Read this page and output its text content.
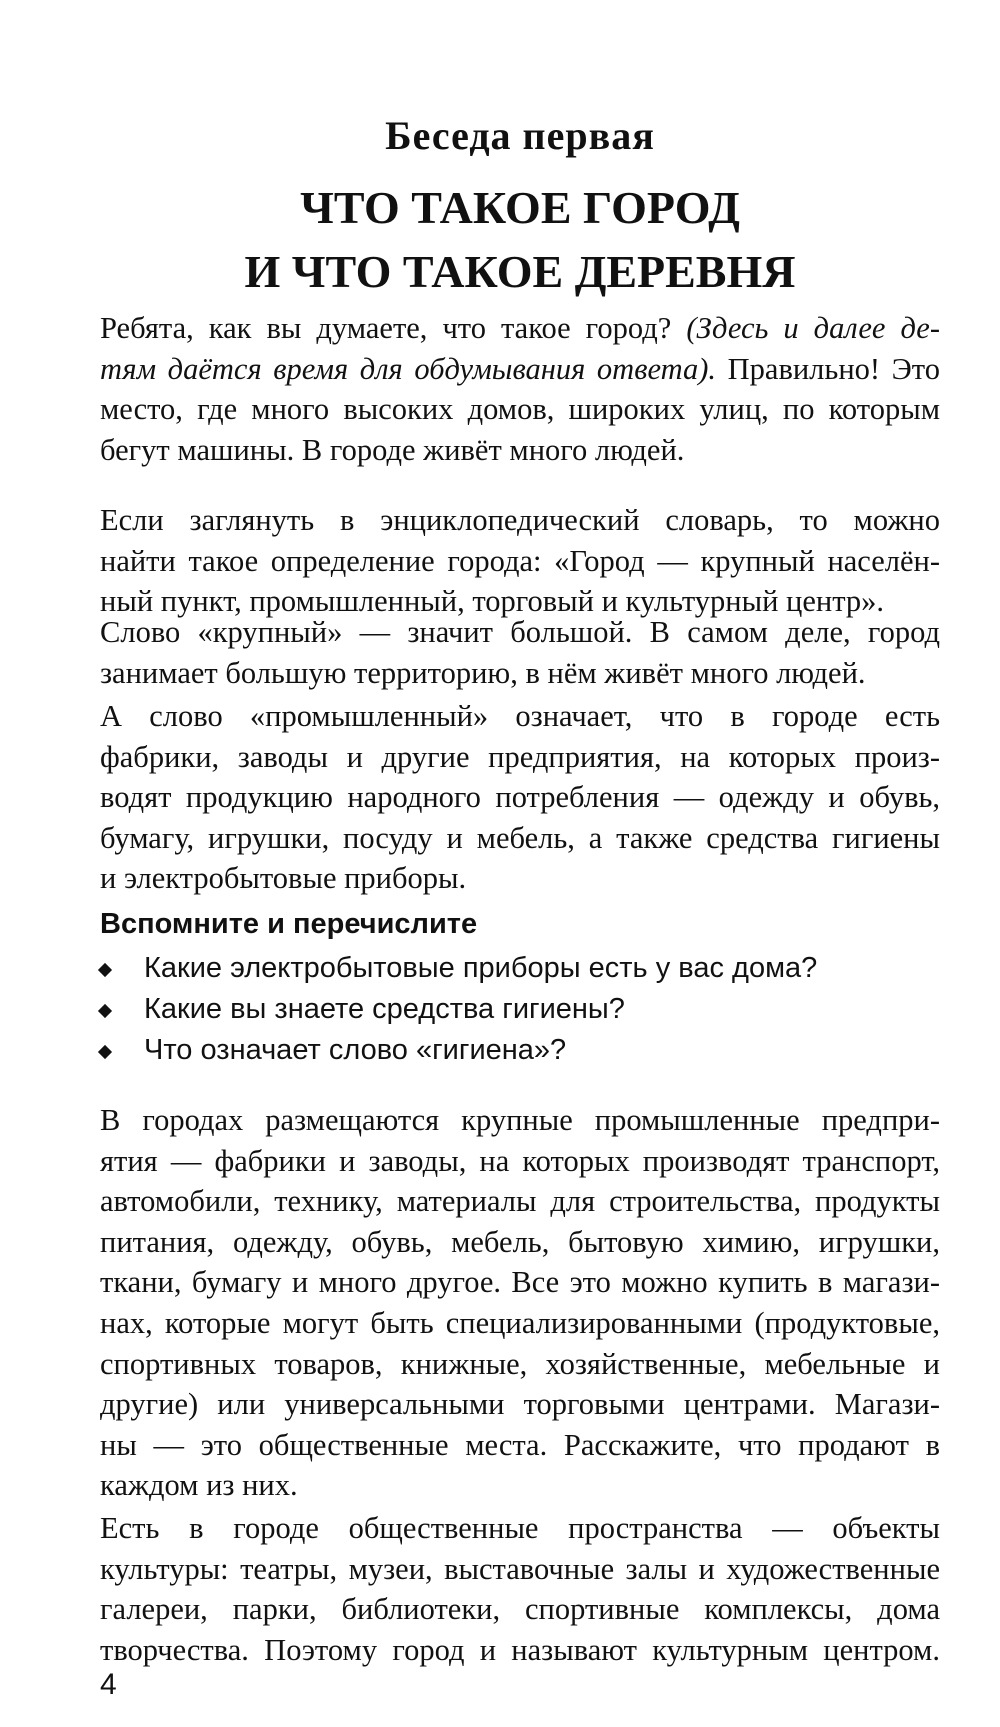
Беседа первая
ЧТО ТАКОЕ ГОРОД
И ЧТО ТАКОЕ ДЕРЕВНЯ
Ребята, как вы думаете, что такое город? (Здесь и далее де-
тям даётся время для обдумывания ответа). Правильно! Это
место, где много высоких домов, широких улиц, по которым
бегут машины. В городе живёт много людей.
Если заглянуть в энциклопедический словарь, то можно
найти такое определение города: «Город — крупный населён-
ный пункт, промышленный, торговый и культурный центр».
Слово «крупный» — значит большой. В самом деле, город
занимает большую территорию, в нём живёт много людей.
А слово «промышленный» означает, что в городе есть
фабрики, заводы и другие предприятия, на которых произ-
водят продукцию народного потребления — одежду и обувь,
бумагу, игрушки, посуду и мебель, а также средства гигиены
и электробытовые приборы.
Вспомните и перечислите
Какие электробытовые приборы есть у вас дома?
Какие вы знаете средства гигиены?
Что означает слово «гигиена»?
В городах размещаются крупные промышленные предпри-
ятия — фабрики и заводы, на которых производят транспорт,
автомобили, технику, материалы для строительства, продукты
питания, одежду, обувь, мебель, бытовую химию, игрушки,
ткани, бумагу и много другое. Все это можно купить в магази-
нах, которые могут быть специализированными (продуктовые,
спортивных товаров, книжные, хозяйственные, мебельные и
другие) или универсальными торговыми центрами. Магази-
ны — это общественные места. Расскажите, что продают в
каждом из них.
Есть в городе общественные пространства — объекты
культуры: театры, музеи, выставочные залы и художественные
галереи, парки, библиотеки, спортивные комплексы, дома
творчества. Поэтому город и называют культурным центром.
4
